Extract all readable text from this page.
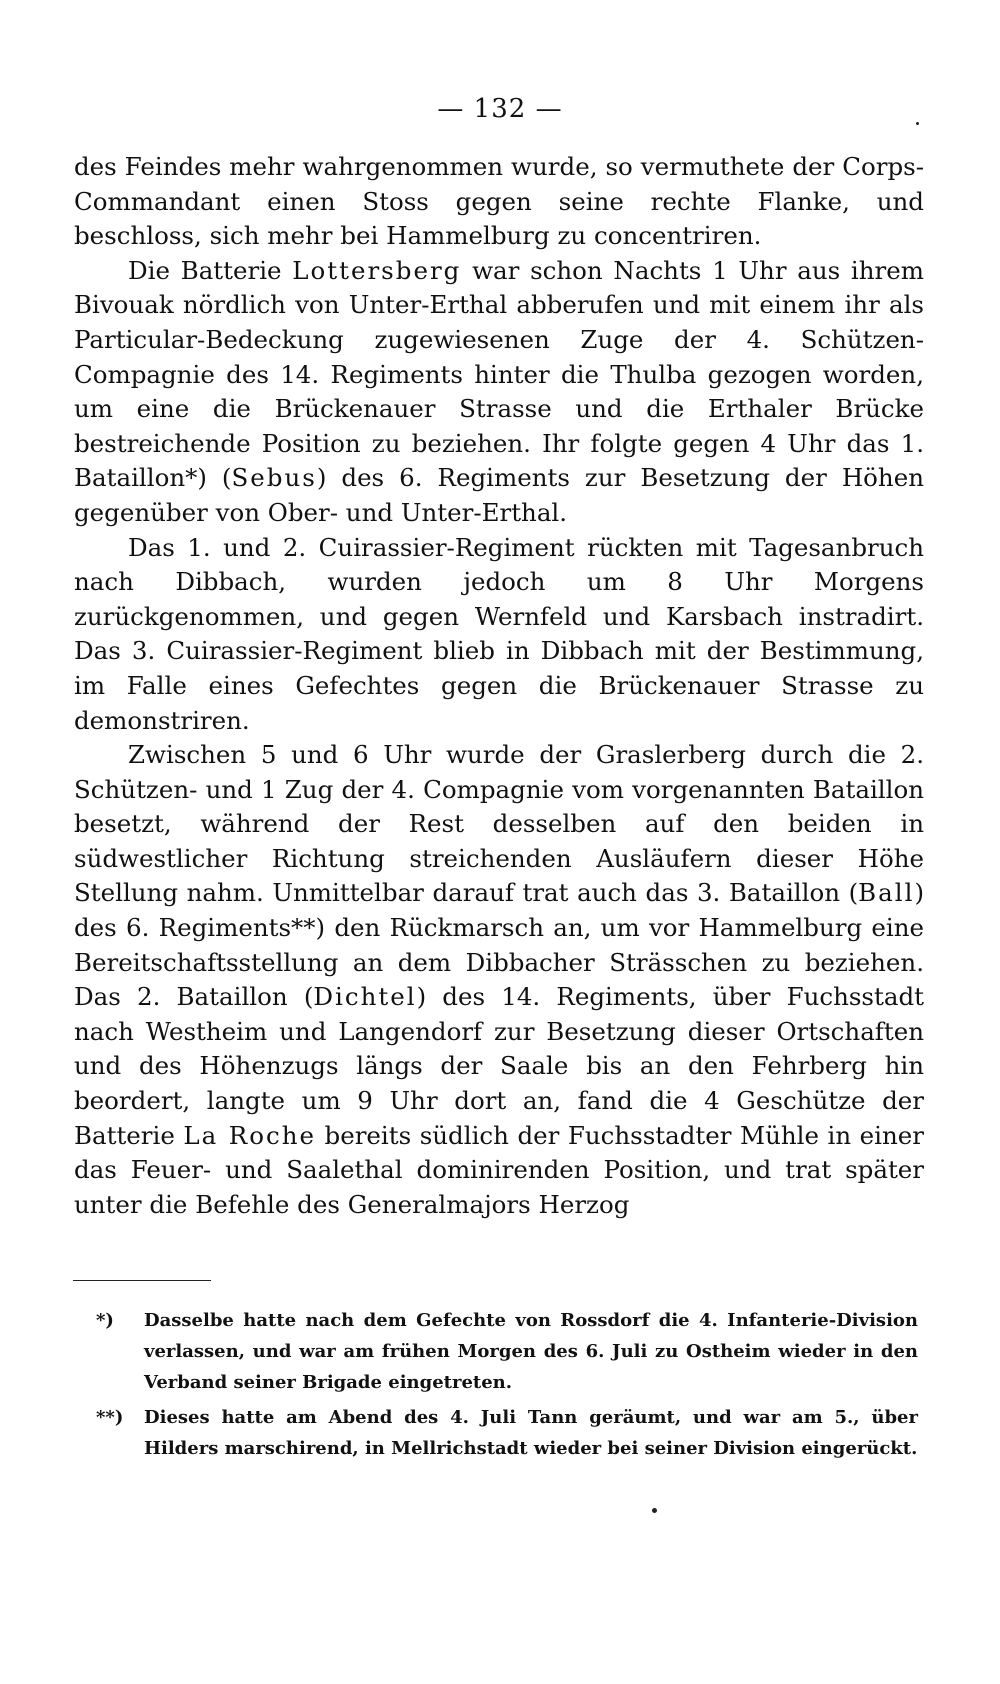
— 132 —

des Feindes mehr wahrgenommen wurde, so vermuthete der Corps-Commandant einen Stoss gegen seine rechte Flanke, und beschloss, sich mehr bei Hammelburg zu concentriren.

Die Batterie Lottersberg war schon Nachts 1 Uhr aus ihrem Bivouak nördlich von Unter-Erthal abberufen und mit einem ihr als Particular-Bedeckung zugewiesenen Zuge der 4. Schützen-Compagnie des 14. Regiments hinter die Thulba gezogen worden, um eine die Brückenauer Strasse und die Erthaler Brücke bestreichende Position zu beziehen. Ihr folgte gegen 4 Uhr das 1. Bataillon*) (Sebus) des 6. Regiments zur Besetzung der Höhen gegenüber von Ober- und Unter-Erthal.

Das 1. und 2. Cuirassier-Regiment rückten mit Tagesanbruch nach Dibbach, wurden jedoch um 8 Uhr Morgens zurückgenommen, und gegen Wernfeld und Karsbach instradirt. Das 3. Cuirassier-Regiment blieb in Dibbach mit der Bestimmung, im Falle eines Gefechtes gegen die Brückenauer Strasse zu demonstriren.

Zwischen 5 und 6 Uhr wurde der Graslerberg durch die 2. Schützen- und 1 Zug der 4. Compagnie vom vorgenannten Bataillon besetzt, während der Rest desselben auf den beiden in südwestlicher Richtung streichenden Ausläufern dieser Höhe Stellung nahm. Unmittelbar darauf trat auch das 3. Bataillon (Ball) des 6. Regiments**) den Rückmarsch an, um vor Hammelburg eine Bereitschaftsstellung an dem Dibbacher Strässchen zu beziehen. Das 2. Bataillon (Dichtel) des 14. Regiments, über Fuchsstadt nach Westheim und Langendorf zur Besetzung dieser Ortschaften und des Höhenzugs längs der Saale bis an den Fehrberg hin beordert, langte um 9 Uhr dort an, fand die 4 Geschütze der Batterie La Roche bereits südlich der Fuchsstadter Mühle in einer das Feuer- und Saalethal dominirenden Position, und trat später unter die Befehle des Generalmajors Herzog

*)	Dasselbe hatte nach dem Gefechte von Rossdorf die 4. Infanterie-Division verlassen, und war am frühen Morgen des 6. Juli zu Ostheim wieder in den Verband seiner Brigade eingetreten.
**)	Dieses hatte am Abend des 4. Juli Tann geräumt, und war am 5., über Hilders marschirend, in Mellrichstadt wieder bei seiner Division eingerückt.
